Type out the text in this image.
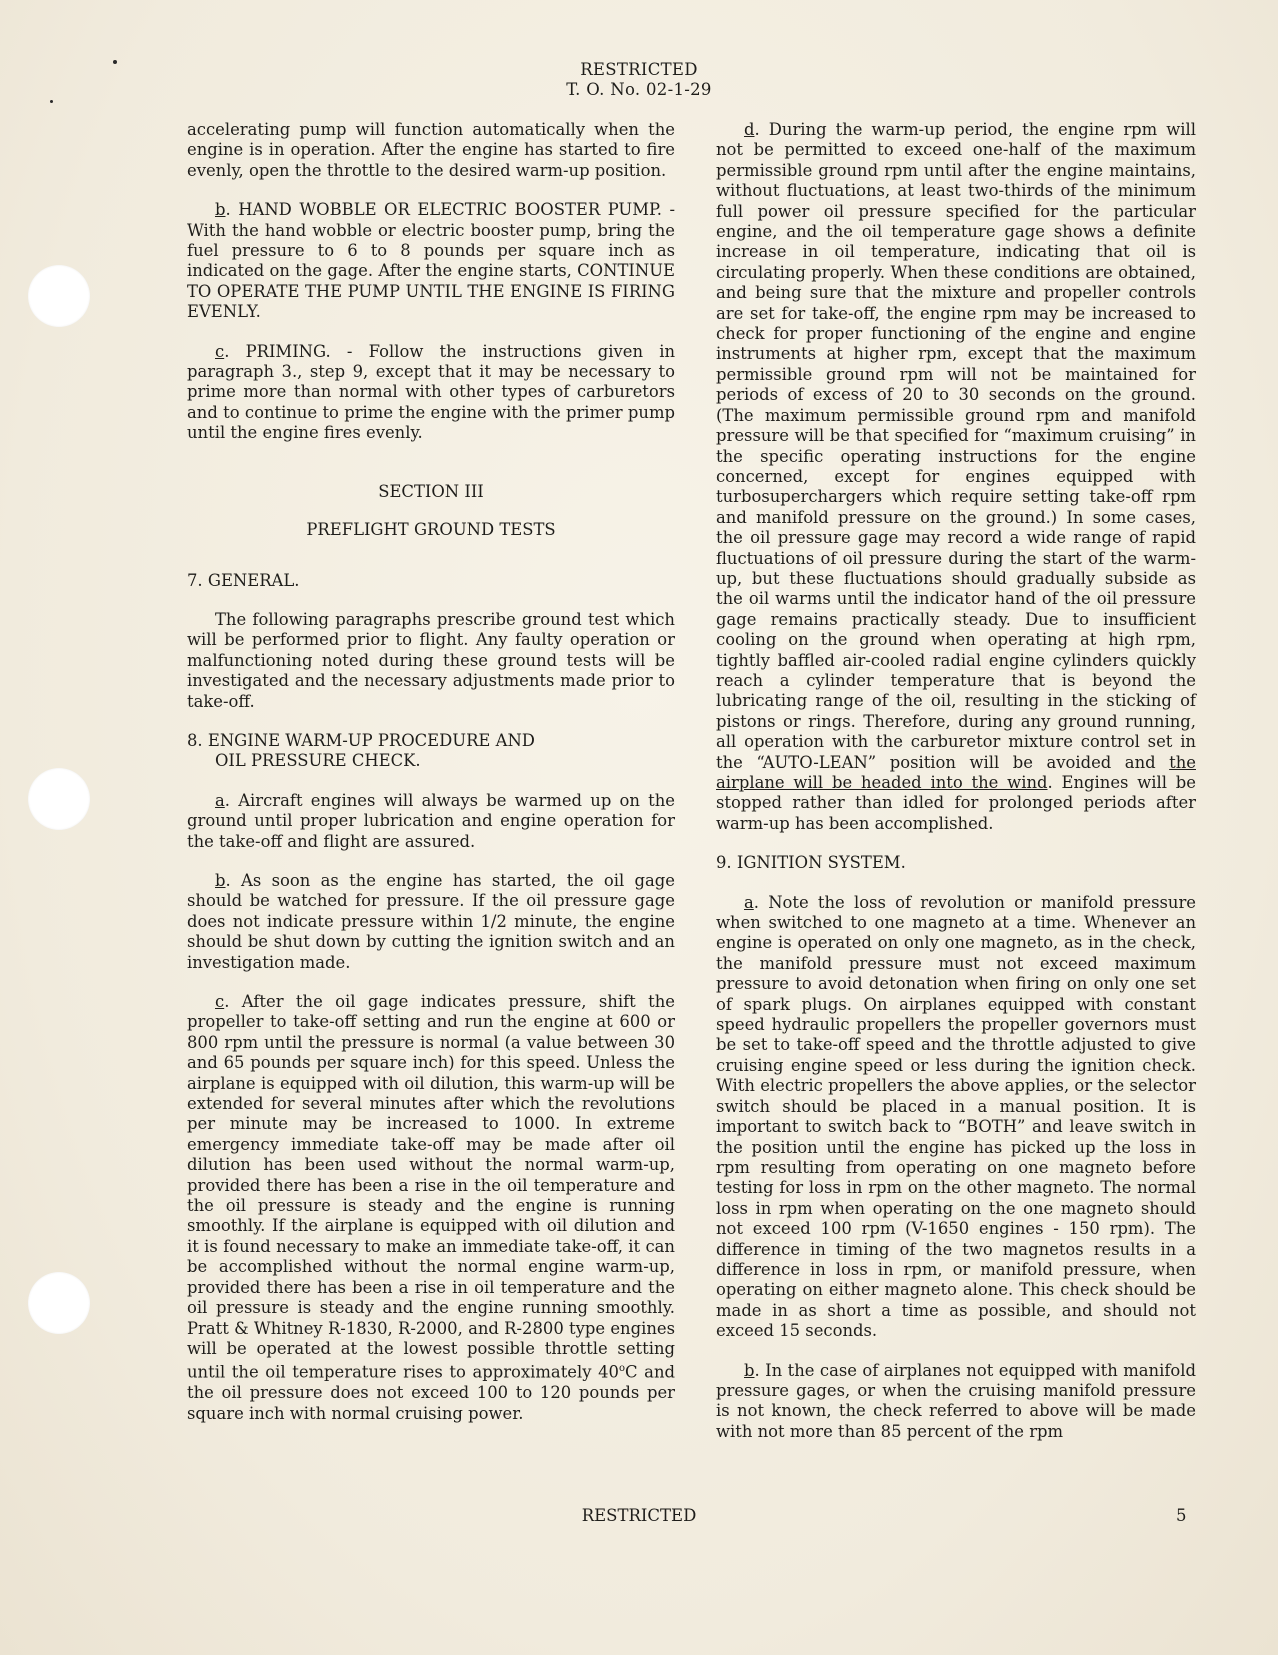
RESTRICTED
T. O. No. 02-1-29

accelerating pump will function automatically when the engine is in operation. After the engine has started to fire evenly, open the throttle to the desired warm-up position.

b. HAND WOBBLE OR ELECTRIC BOOSTER PUMP. - With the hand wobble or electric booster pump, bring the fuel pressure to 6 to 8 pounds per square inch as indicated on the gage. After the engine starts, CONTINUE TO OPERATE THE PUMP UNTIL THE ENGINE IS FIRING EVENLY.

c. PRIMING. - Follow the instructions given in paragraph 3., step 9, except that it may be necessary to prime more than normal with other types of carburetors and to continue to prime the engine with the primer pump until the engine fires evenly.

SECTION III
PREFLIGHT GROUND TESTS
7. GENERAL.

The following paragraphs prescribe ground test which will be performed prior to flight. Any faulty operation or malfunctioning noted during these ground tests will be investigated and the necessary adjustments made prior to take-off.

8. ENGINE WARM-UP PROCEDURE AND

OIL PRESSURE CHECK.

a. Aircraft engines will always be warmed up on the ground until proper lubrication and engine operation for the take-off and flight are assured.

b. As soon as the engine has started, the oil gage should be watched for pressure. If the oil pressure gage does not indicate pressure within 1/2 minute, the engine should be shut down by cutting the ignition switch and an investigation made.

c. After the oil gage indicates pressure, shift the propeller to take-off setting and run the engine at 600 or 800 rpm until the pressure is normal (a value between 30 and 65 pounds per square inch) for this speed. Unless the airplane is equipped with oil dilution, this warm-up will be extended for several minutes after which the revolutions per minute may be increased to 1000. In extreme emergency immediate take-off may be made after oil dilution has been used without the normal warm-up, provided there has been a rise in the oil temperature and the oil pressure is steady and the engine is running smoothly. If the airplane is equipped with oil dilution and it is found necessary to make an immediate take-off, it can be accomplished without the normal engine warm-up, provided there has been a rise in oil temperature and the oil pressure is steady and the engine running smoothly. Pratt & Whitney R-1830, R-2000, and R-2800 type engines will be operated at the lowest possible throttle setting until the oil temperature rises to approximately 40$^o$C and the oil pressure does not exceed 100 to 120 pounds per square inch with normal cruising power.

d. During the warm-up period, the engine rpm will not be permitted to exceed one-half of the maximum permissible ground rpm until after the engine maintains, without fluctuations, at least two-thirds of the minimum full power oil pressure specified for the particular engine, and the oil temperature gage shows a definite increase in oil temperature, indicating that oil is circulating properly. When these conditions are obtained, and being sure that the mixture and propeller controls are set for take-off, the engine rpm may be increased to check for proper functioning of the engine and engine instruments at higher rpm, except that the maximum permissible ground rpm will not be maintained for periods of excess of 20 to 30 seconds on the ground. (The maximum permissible ground rpm and manifold pressure will be that specified for “maximum cruising” in the specific operating instructions for the engine concerned, except for engines equipped with turbosuperchargers which require setting take-off rpm and manifold pressure on the ground.) In some cases, the oil pressure gage may record a wide range of rapid fluctuations of oil pressure during the start of the warm-up, but these fluctuations should gradually subside as the oil warms until the indicator hand of the oil pressure gage remains practically steady. Due to insufficient cooling on the ground when operating at high rpm, tightly baffled air-cooled radial engine cylinders quickly reach a cylinder temperature that is beyond the lubricating range of the oil, resulting in the sticking of pistons or rings. Therefore, during any ground running, all operation with the carburetor mixture control set in the “AUTO-LEAN” position will be avoided and the airplane will be headed into the wind. Engines will be stopped rather than idled for prolonged periods after warm-up has been accomplished.

9. IGNITION SYSTEM.

a. Note the loss of revolution or manifold pressure when switched to one magneto at a time. Whenever an engine is operated on only one magneto, as in the check, the manifold pressure must not exceed maximum pressure to avoid detonation when firing on only one set of spark plugs. On airplanes equipped with constant speed hydraulic propellers the propeller governors must be set to take-off speed and the throttle adjusted to give cruising engine speed or less during the ignition check. With electric propellers the above applies, or the selector switch should be placed in a manual position. It is important to switch back to “BOTH” and leave switch in the position until the engine has picked up the loss in rpm resulting from operating on one magneto before testing for loss in rpm on the other magneto. The normal loss in rpm when operating on the one magneto should not exceed 100 rpm (V-1650 engines - 150 rpm). The difference in timing of the two magnetos results in a difference in loss in rpm, or manifold pressure, when operating on either magneto alone. This check should be made in as short a time as possible, and should not exceed 15 seconds.

b. In the case of airplanes not equipped with manifold pressure gages, or when the cruising manifold pressure is not known, the check referred to above will be made with not more than 85 percent of the rpm

RESTRICTED	5
